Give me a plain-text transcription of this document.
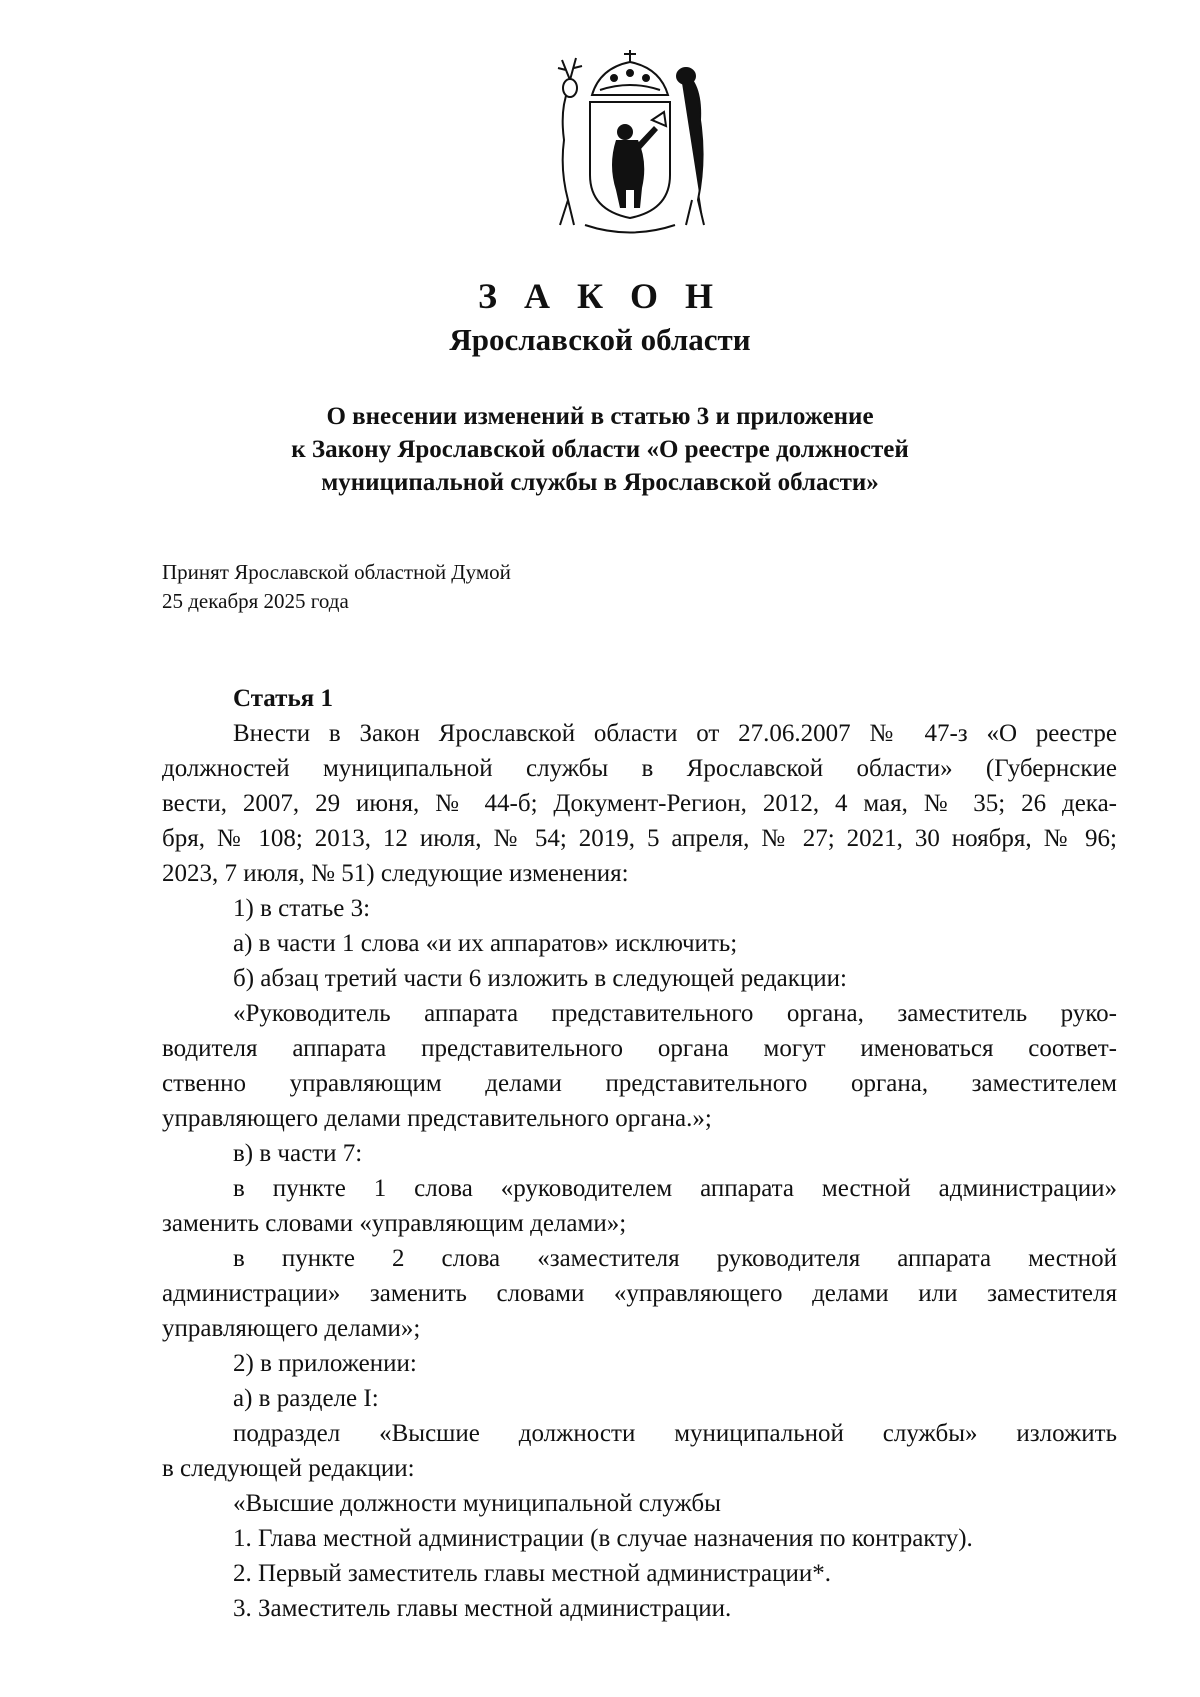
З А К О Н
Ярославской области

О внесении изменений в статью 3 и приложение
к Закону Ярославской области «О реестре должностей
муниципальной службы в Ярославской области»

Принят Ярославской областной Думой
25 декабря 2025 года

Статья 1

Внести в Закон Ярославской области от 27.06.2007 № 47-з «О реестре

должностей муниципальной службы в Ярославской области» (Губернские

вести, 2007, 29 июня, № 44-б; Документ-Регион, 2012, 4 мая, № 35; 26 дека-

бря, № 108; 2013, 12 июля, № 54; 2019, 5 апреля, № 27; 2021, 30 ноября, № 96;

2023, 7 июля, № 51) следующие изменения:

1) в статье 3:

а) в части 1 слова «и их аппаратов» исключить;

б) абзац третий части 6 изложить в следующей редакции:

«Руководитель аппарата представительного органа, заместитель руко-

водителя аппарата представительного органа могут именоваться соответ-

ственно управляющим делами представительного органа, заместителем

управляющего делами представительного органа.»;

в) в части 7:

в пункте 1 слова «руководителем аппарата местной администрации»

заменить словами «управляющим делами»;

в пункте 2 слова «заместителя руководителя аппарата местной

администрации» заменить словами «управляющего делами или заместителя

управляющего делами»;

2) в приложении:

а) в разделе I:

подраздел «Высшие должности муниципальной службы» изложить

в следующей редакции:

«Высшие должности муниципальной службы

1. Глава местной администрации (в случае назначения по контракту).

2. Первый заместитель главы местной администрации*.

3. Заместитель главы местной администрации.
